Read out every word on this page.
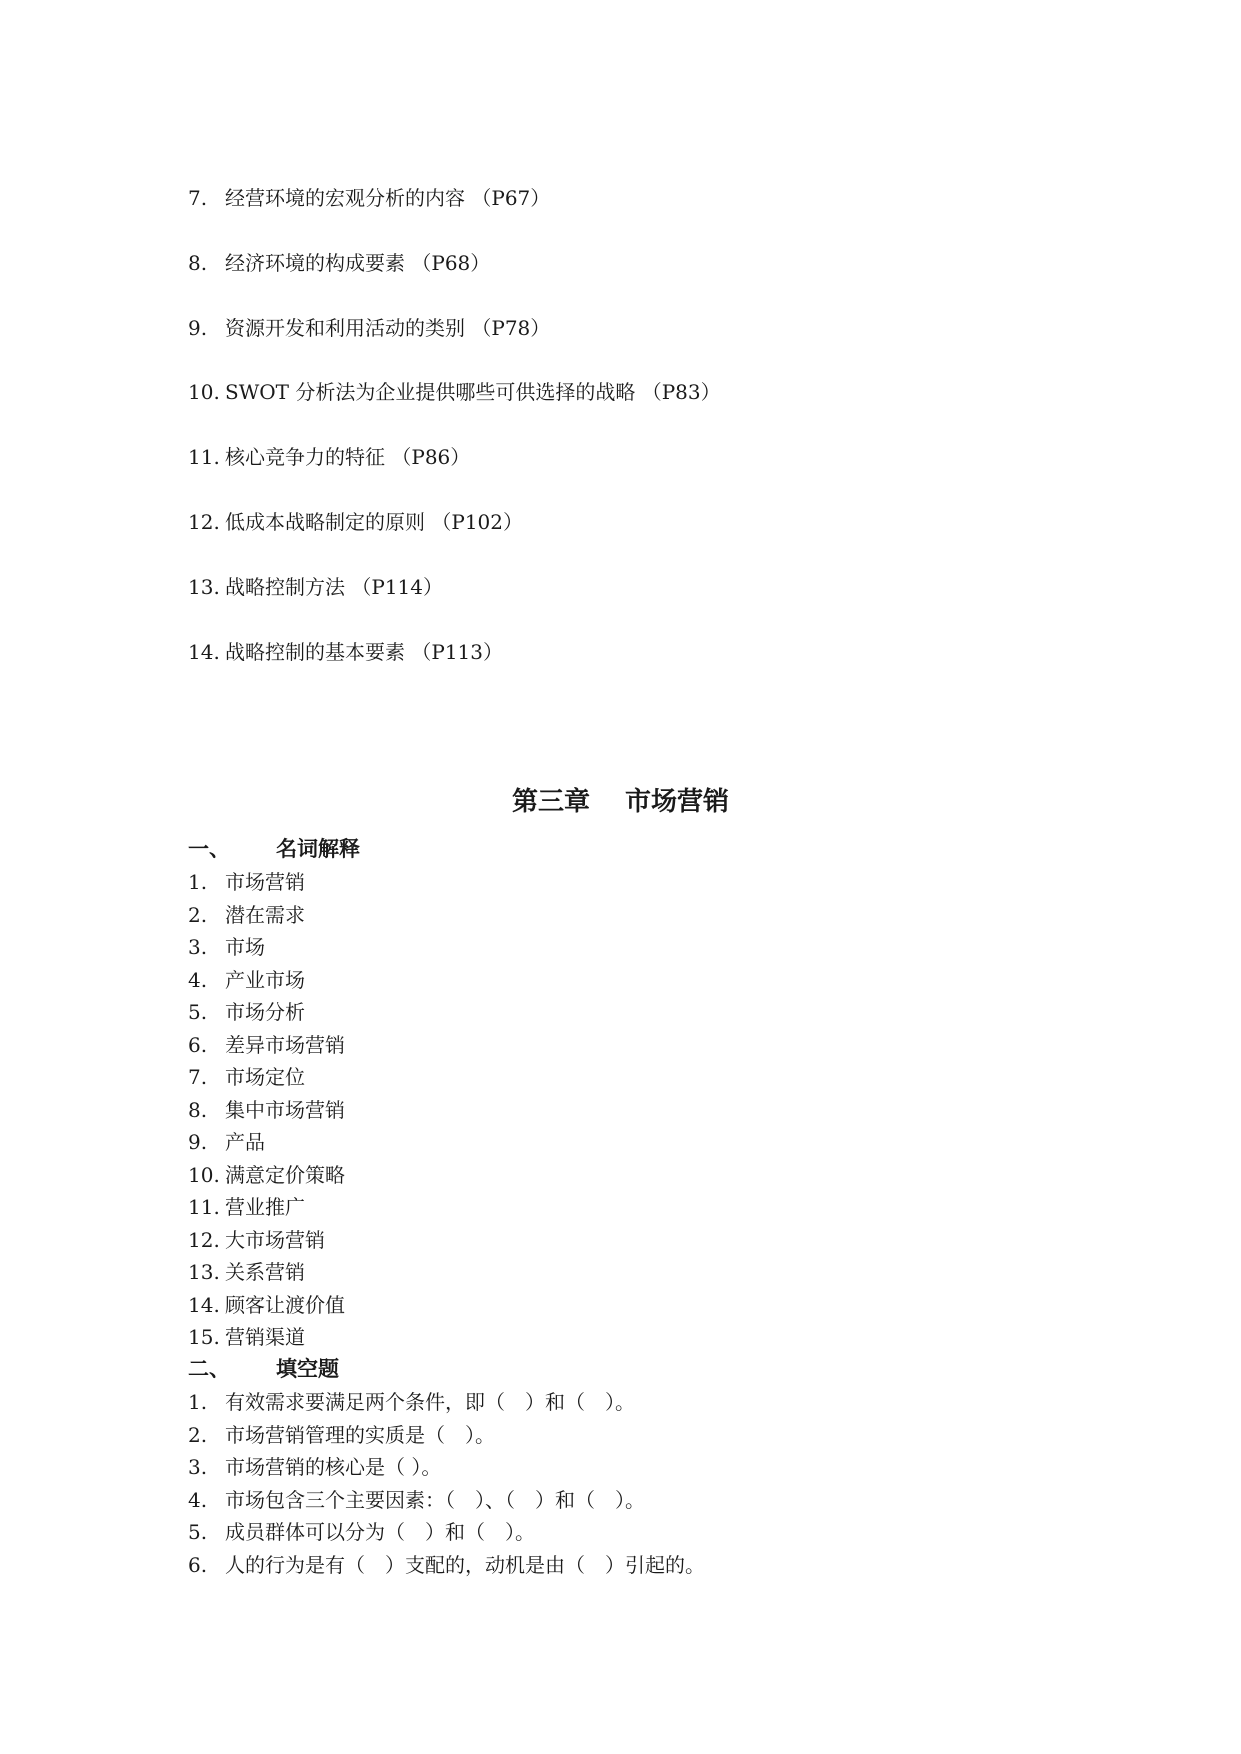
7. 经营环境的宏观分析的内容 （P67）
8. 经济环境的构成要素 （P68）
9. 资源开发和利用活动的类别 （P78）
10. SWOT 分析法为企业提供哪些可供选择的战略 （P83）
11. 核心竞争力的特征 （P86）
12. 低成本战略制定的原则 （P102）
13. 战略控制方法 （P114）
14. 战略控制的基本要素 （P113）
第三章　 市场营销
一、 名词解释
1. 市场营销
2. 潜在需求
3. 市场
4. 产业市场
5. 市场分析
6. 差异市场营销
7. 市场定位
8. 集中市场营销
9. 产品
10. 满意定价策略
11. 营业推广
12. 大市场营销
13. 关系营销
14. 顾客让渡价值
15. 营销渠道
二、 填空题
1. 有效需求要满足两个条件，即（　）和（　）。
2. 市场营销管理的实质是（　）。
3. 市场营销的核心是（ ）。
4. 市场包含三个主要因素：（　）、（　）和（　）。
5. 成员群体可以分为（　）和（　）。
6. 人的行为是有（　）支配的，动机是由（　）引起的。
